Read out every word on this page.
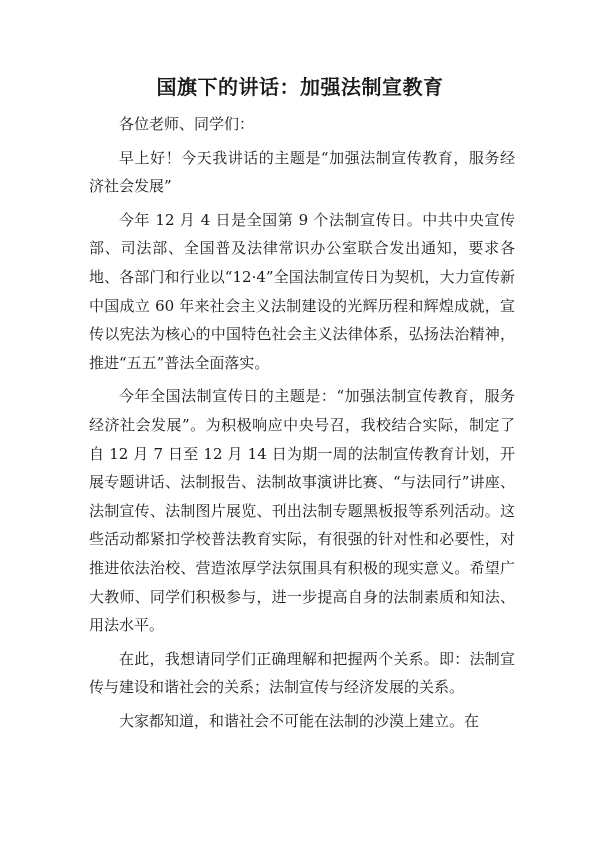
国旗下的讲话：加强法制宣教育

各位老师、同学们：

早上好！今天我讲话的主题是“加强法制宣传教育，服务经济社会发展”

今年 12 月 4 日是全国第 9 个法制宣传日。中共中央宣传部、司法部、全国普及法律常识办公室联合发出通知，要求各地、各部门和行业以“12·4”全国法制宣传日为契机，大力宣传新中国成立 60 年来社会主义法制建设的光辉历程和辉煌成就，宣传以宪法为核心的中国特色社会主义法律体系，弘扬法治精神，推进“五五”普法全面落实。

今年全国法制宣传日的主题是：“加强法制宣传教育，服务经济社会发展”。为积极响应中央号召，我校结合实际，制定了自 12 月 7 日至 12 月 14 日为期一周的法制宣传教育计划，开展专题讲话、法制报告、法制故事演讲比赛、“与法同行”讲座、法制宣传、法制图片展览、刊出法制专题黑板报等系列活动。这些活动都紧扣学校普法教育实际，有很强的针对性和必要性，对推进依法治校、营造浓厚学法氛围具有积极的现实意义。希望广大教师、同学们积极参与，进一步提高自身的法制素质和知法、用法水平。

在此，我想请同学们正确理解和把握两个关系。即：法制宣传与建设和谐社会的关系；法制宣传与经济发展的关系。

大家都知道，和谐社会不可能在法制的沙漠上建立。在
